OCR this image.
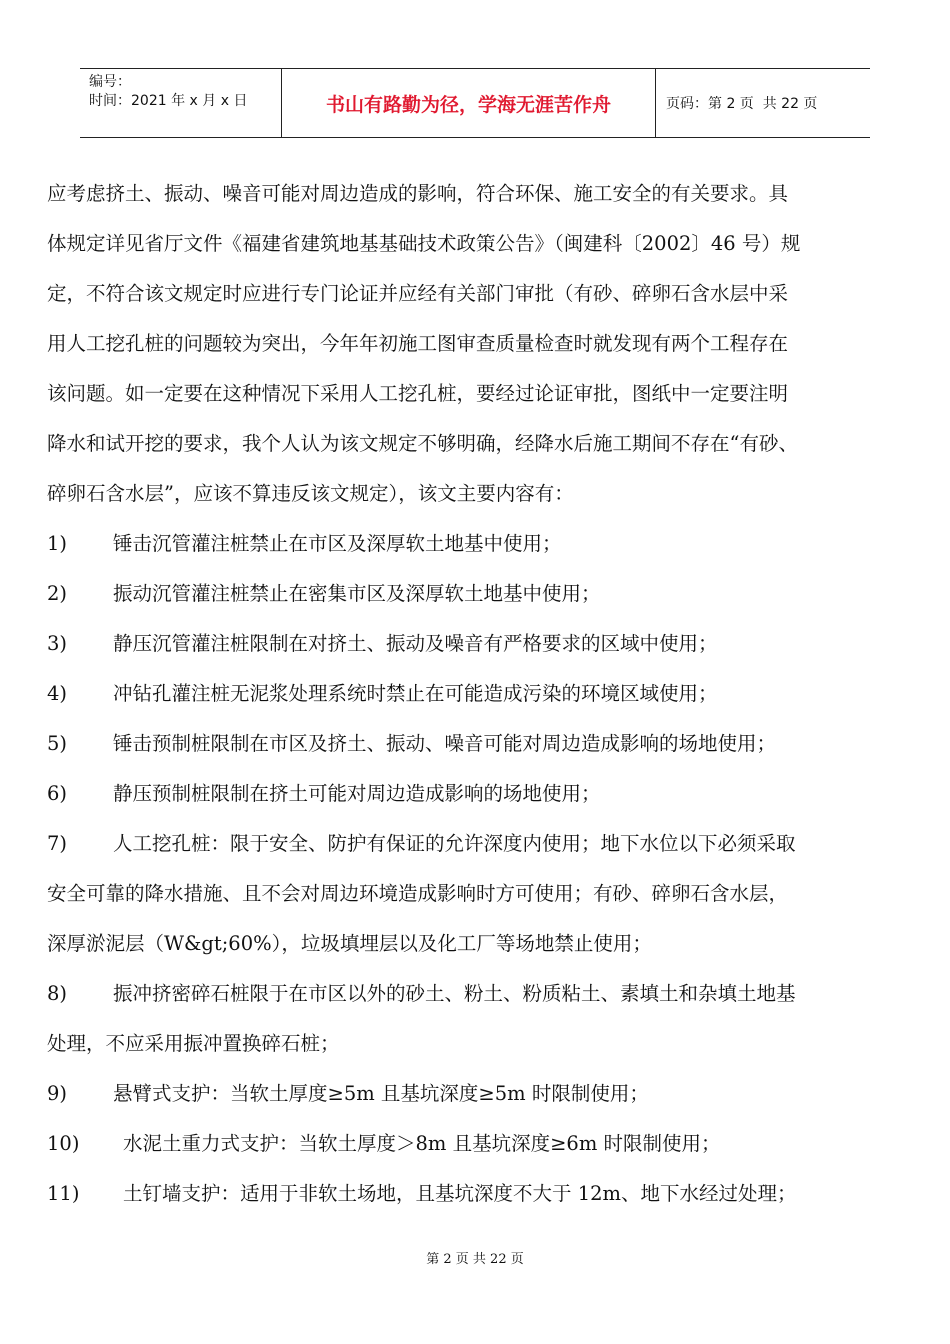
编号：
时间：2021 年 x 月 x 日	书山有路勤为径，学海无涯苦作舟	页码：第 2 页  共 22 页
应考虑挤土、振动、噪音可能对周边造成的影响，符合环保、施工安全的有关要求。具
体规定详见省厅文件《福建省建筑地基基础技术政策公告》（闽建科〔2002〕46 号）规
定，不符合该文规定时应进行专门论证并应经有关部门审批（有砂、碎卵石含水层中采
用人工挖孔桩的问题较为突出，今年年初施工图审查质量检查时就发现有两个工程存在
该问题。如一定要在这种情况下采用人工挖孔桩，要经过论证审批，图纸中一定要注明
降水和试开挖的要求，我个人认为该文规定不够明确，经降水后施工期间不存在“有砂、
碎卵石含水层”，应该不算违反该文规定），该文主要内容有：
1) 锤击沉管灌注桩禁止在市区及深厚软土地基中使用；
2) 振动沉管灌注桩禁止在密集市区及深厚软土地基中使用；
3) 静压沉管灌注桩限制在对挤土、振动及噪音有严格要求的区域中使用；
4) 冲钻孔灌注桩无泥浆处理系统时禁止在可能造成污染的环境区域使用；
5) 锤击预制桩限制在市区及挤土、振动、噪音可能对周边造成影响的场地使用；
6) 静压预制桩限制在挤土可能对周边造成影响的场地使用；
7) 人工挖孔桩：限于安全、防护有保证的允许深度内使用；地下水位以下必须采取
安全可靠的降水措施、且不会对周边环境造成影响时方可使用；有砂、碎卵石含水层，
深厚淤泥层（W&gt;60%），垃圾填埋层以及化工厂等场地禁止使用；
8) 振冲挤密碎石桩限于在市区以外的砂土、粉土、粉质粘土、素填土和杂填土地基
处理，不应采用振冲置换碎石桩；
9) 悬臂式支护：当软土厚度≥5m 且基坑深度≥5m 时限制使用；
10) 水泥土重力式支护：当软土厚度＞8m 且基坑深度≥6m 时限制使用；
11) 土钉墙支护：适用于非软土场地，且基坑深度不大于 12m、地下水经过处理；
第 2 页 共 22 页
